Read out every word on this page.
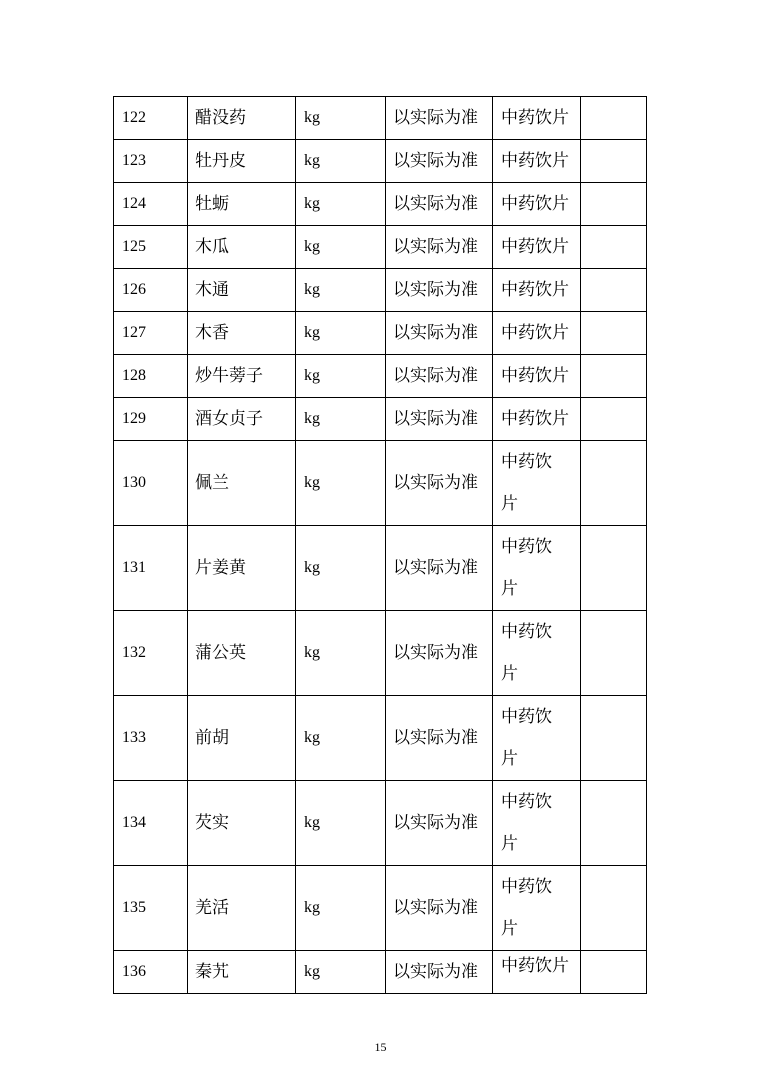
122	醋没药	kg	以实际为准	中药饮片	
123	牡丹皮	kg	以实际为准	中药饮片	
124	牡蛎	kg	以实际为准	中药饮片	
125	木瓜	kg	以实际为准	中药饮片	
126	木通	kg	以实际为准	中药饮片	
127	木香	kg	以实际为准	中药饮片	
128	炒牛蒡子	kg	以实际为准	中药饮片	
129	酒女贞子	kg	以实际为准	中药饮片	
130	佩兰	kg	以实际为准	中药饮片	
131	片姜黄	kg	以实际为准	中药饮片	
132	蒲公英	kg	以实际为准	中药饮片	
133	前胡	kg	以实际为准	中药饮片	
134	芡实	kg	以实际为准	中药饮片	
135	羌活	kg	以实际为准	中药饮片	
136	秦艽	kg	以实际为准	中药饮片	
15
